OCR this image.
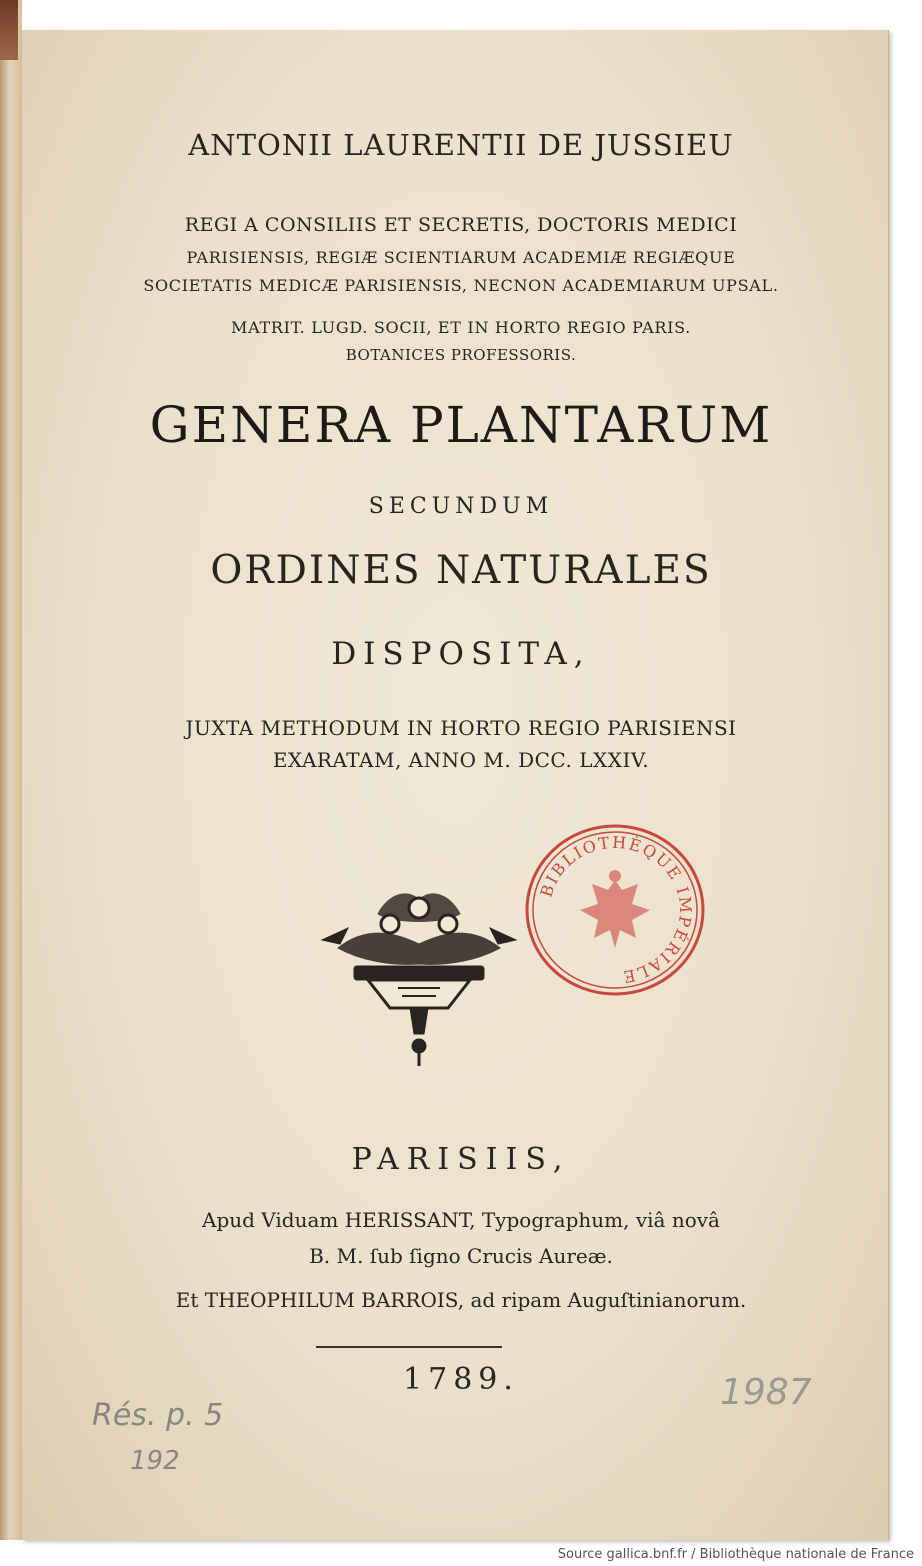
ANTONII LAURENTII DE JUSSIEU
REGI A CONSILIIS ET SECRETIS, DOCTORIS MEDICI
PARISIENSIS, REGIÆ SCIENTIARUM ACADEMIÆ REGIÆQUE
SOCIETATIS MEDICÆ PARISIENSIS, NECNON ACADEMIARUM UPSAL.
MATRIT. LUGD. SOCII, ET IN HORTO REGIO PARIS.
BOTANICES PROFESSORIS.
GENERA PLANTARUM
SECUNDUM
ORDINES NATURALES
DISPOSITA,
JUXTA METHODUM IN HORTO REGIO PARISIENSI
EXARATAM, ANNO M. DCC. LXXIV.
BIBLIOTHÈQUE IMPÉRIALE
PARISIIS,
Apud Viduam HERISSANT, Typographum, viâ novâ
B. M. ſub ſigno Crucis Aureæ.
Et THEOPHILUM BARROIS, ad ripam Auguſtinianorum.
1789.
Rés. p. 5
192
1987
Source gallica.bnf.fr / Bibliothèque nationale de France
